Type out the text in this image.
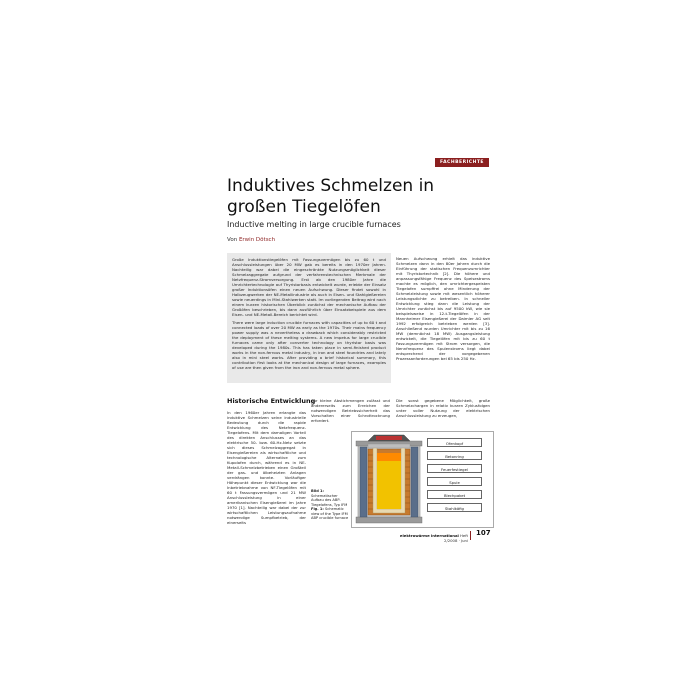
FACHBERICHTE
Induktives Schmelzen in großen Tiegelöfen
Inductive melting in large crucible furnaces
Von Erwin Dötsch

Große Induktionstiegelöfen mit Fassungsvermögen bis zu 60 t und Anschlussleistungen über 20 MW gab es bereits in den 1970er Jahren. Nachteilig war dabei die eingeschränkte Nutzungsmöglichkeit dieser Schmelzaggregate aufgrund der verfahrenstechnischen Merkmale der Netzfrequenz-Stromversorgung. Erst ab den 1980er Jahre die Umrichtertechnologie auf Thyristorbasis entwickelt wurde, erlebte der Einsatz großer Induktionsöfen einen neuen Aufschwung. Dieser findet sowohl in Halbzeugwerken der NE-Metallindustrie als auch in Eisen- und Stahlgießereien sowie neuerdings in Mini-Stahlwerken statt. Im vorliegenden Beitrag wird nach einem kurzen historischen Überblick zunächst der mechanische Aufbau der Großöfen beschrieben, bis dann ausführlich über Einsatzbeispiele aus dem Eisen- und NE-Metall-Bereich berichtet wird.

There were large induction crucible furnaces with capacities of up to 60 t and connected loads of over 20 MW as early as the 1970s. Their mains frequency power supply was a nevertheless a drawback which considerably restricted the deployment of these melting systems. A new impetus for large crucible furnaces came only after converter technology on thyristor basis was developed during the 1980s. This has taken place in semi-finished product works in the non-ferrous metal industry, in iron and steel foundries and lately also in mini steel works. After providing a brief historical summary, this contribution first looks at the mechanical design of large furnaces, examples of use are then given from the iron and non-ferrous metal sphere.

Neuen Aufschwung erhielt das induktive Schmelzen dann in den 80er Jahren durch die Einführung der statischen Frequenzumrichter mit Thyristortechnik [2]. Die höhere und anpassungsfähige Frequenz des Speisestroms machte es möglich, den umrichtergespeisten Tiegelofen sumpffrei ohne Minderung der Schmelzleistung sowie mit wesentlich höherer Leistungsdichte zu betreiben. In schneller Entwicklung stieg dann die Leistung der Umrichter zunächst bis auf 9500 kW, wie sie beispielsweise in 12-t-Tiegelöfen in der Mannheimer Eisengießerei der Daimler AG seit 1992 erfolgreich betrieben werden [3]. Anschließend wurden Umrichter mit bis zu 16 MW (demnächst 18 MW) Ausgangsleistung entwickelt, die Tiegelöfen mit bis zu 60 t Fassungsvermögen mit Strom versorgen, die Nennfrequenz des Spulenstroms liegt dabei entsprechend der vorgegebenen Prozessanforderungen bei 65 bis 250 Hz.

Historische Entwicklung

In den 1960er Jahren erlangte das induktive Schmelzen seine industrielle Bedeutung durch die rapide Entwicklung des Netzfrequenz-Tiegelofens. Mit dem damaligen Vorteil des direkten Anschlusses an das elektrische 50- bzw. 60-Hz-Netz setzte sich dieses Schmelzaggregat in Eisengießereien als wirtschaftliche und technologische Alternative zum Kupolofen durch, während es in NE-Metall-Schmelzbetrieben einen Großteil der gas- und ölbeheizten Anlagen verdrängen konnte. Vorläufiger Höhepunkt dieser Entwicklung war die Inbetriebnahme von NF-Tiegelöfen mit 60 t Fassungsvermögen und 21 MW Anschlussleistung in einer amerikanischen Eisengießerei im Jahre 1970 [1]. Nachteilig war dabei der zur wirtschaftlichen Leistungsaufnahme notwendige Sumpfbetrieb, der einerseits

nur kleine Abstichmengen zulässt und andererseits zum Erreichen der notwendigen Betriebssicherheit das Vorschalten einer Schrottrocknung erfordert.

Die sonst gegebene Möglichkeit, große Schmelzchargen in relativ kurzen Zyklusfolgen unter voller Nutzung der elektrischen Anschlussleistung zu erzeugen,

Ofenkopf
Betonring
Feuerfestiegel
Spule
Blechpaket
Stahlkäfig
Bild 1: Schematischer Aufbau des ABP-Tiegelofens, Typ IFM
Fig. 1: Schematic view of the Type IFM ABP crucible furnace
elektrowärme international Heft 2/2008 · Juni
107
